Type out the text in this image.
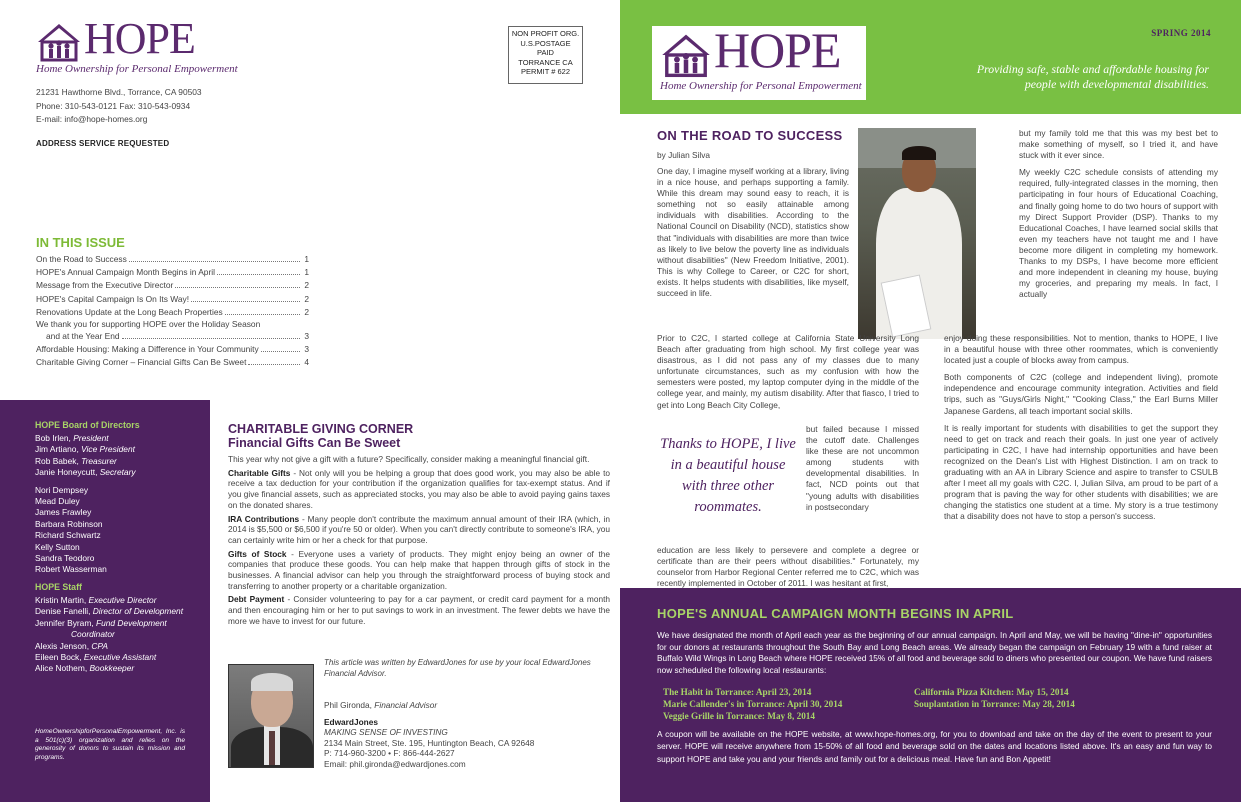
HOPE
Home Ownership for Personal Empowerment
21231 Hawthorne Blvd., Torrance, CA 90503
Phone: 310-543-0121 Fax: 310-543-0934
E-mail: info@hope-homes.org
ADDRESS SERVICE REQUESTED
NON PROFIT ORG.
U.S.POSTAGE
PAID
TORRANCE CA
PERMIT # 622
IN THIS ISSUE
On the Road to Success	1
HOPE's Annual Campaign Month Begins in April	1
Message from the Executive Director	2
HOPE's Capital Campaign Is On Its Way!	2
Renovations Update at the Long Beach Properties	2
We thank you for supporting HOPE over the Holiday Season
and at the Year End	3
Affordable Housing: Making a Difference in Your Community	3
Charitable Giving Corner – Financial Gifts Can Be Sweet	4
HOPE Board of Directors
Bob Irlen, President
Jim Artiano, Vice President
Rob Babek, Treasurer
Janie Honeycutt, Secretary
Nori Dempsey
Mead Duley
James Frawley
Barbara Robinson
Richard Schwartz
Kelly Sutton
Sandra Teodoro
Robert Wasserman
HOPE Staff
Kristin Martin, Executive Director
Denise Fanelli, Director of Development
Jennifer Byram, Fund Development
Coordinator
Alexis Jenson, CPA
Eileen Bock, Executive Assistant
Alice Nothem, Bookkeeper
HomeOwnershipforPersonalEmpowerment, Inc. is a 501(c)(3) organization and relies on the generosity of donors to sustain its mission and programs.
CHARITABLE GIVING CORNER
Financial Gifts Can Be Sweet

This year why not give a gift with a future? Specifically, consider making a meaningful financial gift.

Charitable Gifts - Not only will you be helping a group that does good work, you may also be able to receive a tax deduction for your contribution if the organization qualifies for tax-exempt status. And if you give financial assets, such as appreciated stocks, you may also be able to avoid paying gains taxes on the donated shares.

IRA Contributions - Many people don't contribute the maximum annual amount of their IRA (which, in 2014 is $5,500 or $6,500 if you're 50 or older). When you can't directly contribute to someone's IRA, you can certainly write him or her a check for that purpose.

Gifts of Stock - Everyone uses a variety of products. They might enjoy being an owner of the companies that produce these goods. You can help make that happen through gifts of stock in the businesses. A financial advisor can help you through the straightforward process of buying stock and transferring to another property or a charitable organization.

Debt Payment - Consider volunteering to pay for a car payment, or credit card payment for a month and then encouraging him or her to put savings to work in an investment. The fewer debts we have the more we have to invest for our future.

This article was written by EdwardJones for use by your local EdwardJones Financial Advisor.
Phil Gironda, Financial Advisor
EdwardJones
MAKING SENSE OF INVESTING
2134 Main Street, Ste. 195, Huntington Beach, CA 92648
P: 714-960-3200 • F: 866-444-2627
Email: phil.gironda@edwardjones.com
HOPE
Home Ownership for Personal Empowerment
SPRING 2014
Providing safe, stable and affordable housing for people with developmental disabilities.
ON THE ROAD TO SUCCESS
by Julian Silva
One day, I imagine myself working at a library, living in a nice house, and perhaps supporting a family. While this dream may sound easy to reach, it is something not so easily attainable among individuals with disabilities. According to the National Council on Disability (NCD), statistics show that "individuals with disabilities are more than twice as likely to live below the poverty line as individuals without disabilities" (New Freedom Initiative, 2001). This is why College to Career, or C2C for short, exists. It helps students with disabilities, like myself, succeed in life.
Prior to C2C, I started college at California State University Long Beach after graduating from high school. My first college year was disastrous, as I did not pass any of my classes due to many unfortunate circumstances, such as my confusion with how the semesters were posted, my laptop computer dying in the middle of the college year, and mainly, my autism disability. After that fiasco, I tried to get into Long Beach City College,
Thanks to HOPE, I live in a beautiful house with three other roommates.
but failed because I missed the cutoff date. Challenges like these are not uncommon among students with developmental disabilities. In fact, NCD points out that "young adults with disabilities in postsecondary
education are less likely to persevere and complete a degree or certificate than are their peers without disabilities." Fortunately, my counselor from Harbor Regional Center referred me to C2C, which was recently implemented in October of 2011. I was hesitant at first,

but my family told me that this was my best bet to make something of myself, so I tried it, and have stuck with it ever since.

My weekly C2C schedule consists of attending my required, fully-integrated classes in the morning, then participating in four hours of Educational Coaching, and finally going home to do two hours of support with my Direct Support Provider (DSP). Thanks to my Educational Coaches, I have learned social skills that even my teachers have not taught me and I have become more diligent in completing my homework. Thanks to my DSPs, I have become more efficient and more independent in cleaning my house, buying my groceries, and preparing my meals. In fact, I actually

enjoy doing these responsibilities. Not to mention, thanks to HOPE, I live in a beautiful house with three other roommates, which is conveniently located just a couple of blocks away from campus.

Both components of C2C (college and independent living), promote independence and encourage community integration. Activities and field trips, such as "Guys/Girls Night," "Cooking Class," the Earl Burns Miller Japanese Gardens, all teach important social skills.

It is really important for students with disabilities to get the support they need to get on track and reach their goals. In just one year of actively participating in C2C, I have had internship opportunities and have been recognized on the Dean's List with Highest Distinction. I am on track to graduating with an AA in Library Science and aspire to transfer to CSULB after I meet all my goals with C2C. I, Julian Silva, am proud to be part of a program that is paving the way for other students with disabilities; we are changing the statistics one student at a time. My story is a true testimony that a disability does not have to stop a person's success.

HOPE'S ANNUAL CAMPAIGN MONTH BEGINS IN APRIL
We have designated the month of April each year as the beginning of our annual campaign. In April and May, we will be having "dine-in" opportunities for our donors at restaurants throughout the South Bay and Long Beach areas. We already began the campaign on February 19 with a fund raiser at Buffalo Wild Wings in Long Beach where HOPE received 15% of all food and beverage sold to diners who presented our coupon. We have fund raisers now scheduled the following local restaurants:
The Habit in Torrance: April 23, 2014
Marie Callender's in Torrance: April 30, 2014
Veggie Grille in Torrance: May 8, 2014
California Pizza Kitchen: May 15, 2014
Souplantation in Torrance: May 28, 2014
A coupon will be available on the HOPE website, at www.hope-homes.org, for you to download and take on the day of the event to present to your server. HOPE will receive anywhere from 15-50% of all food and beverage sold on the dates and locations listed above. It's an easy and fun way to support HOPE and take you and your friends and family out for a delicious meal. Have fun and Bon Appetit!
